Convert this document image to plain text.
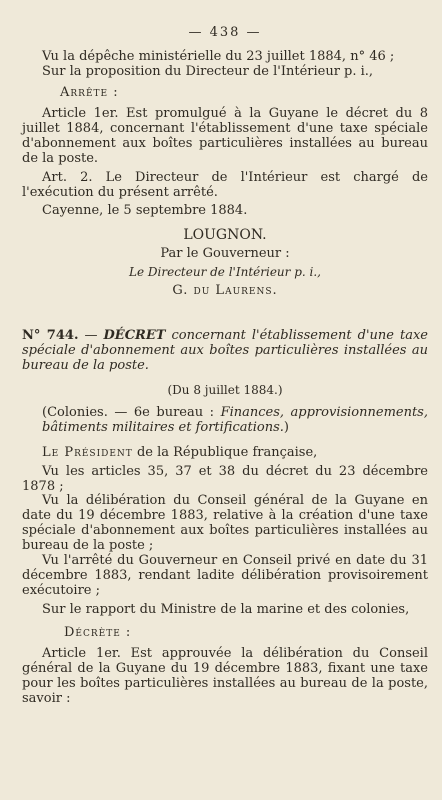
— 438 —

Vu la dépêche ministérielle du 23 juillet 1884, n° 46 ;

Sur la proposition du Directeur de l'Intérieur p. i.,

Arrête :

Article 1er. Est promulgué à la Guyane le décret du 8 juillet 1884, concernant l'établissement d'une taxe spéciale d'abonnement aux boîtes particulières installées au bureau de la poste.

Art. 2. Le Directeur de l'Intérieur est chargé de l'exécution du présent arrêté.

Cayenne, le 5 septembre 1884.

LOUGNON.

Par le Gouverneur :

Le Directeur de l'Intérieur p. i.,

G. du Laurens.

N° 744. — DÉCRET concernant l'établissement d'une taxe spéciale d'abonnement aux boîtes particulières installées au bureau de la poste.

(Du 8 juillet 1884.)

(Colonies. — 6e bureau : Finances, approvisionnements, bâtiments militaires et fortifications.)

Le Président de la République française,

Vu les articles 35, 37 et 38 du décret du 23 décembre 1878 ;

Vu la délibération du Conseil général de la Guyane en date du 19 décembre 1883, relative à la création d'une taxe spéciale d'abonnement aux boîtes particulières installées au bureau de la poste ;

Vu l'arrêté du Gouverneur en Conseil privé en date du 31 décembre 1883, rendant ladite délibération provisoirement exécutoire ;

Sur le rapport du Ministre de la marine et des colonies,

Décrète :

Article 1er. Est approuvée la délibération du Conseil général de la Guyane du 19 décembre 1883, fixant une taxe pour les boîtes particulières installées au bureau de la poste, savoir :
